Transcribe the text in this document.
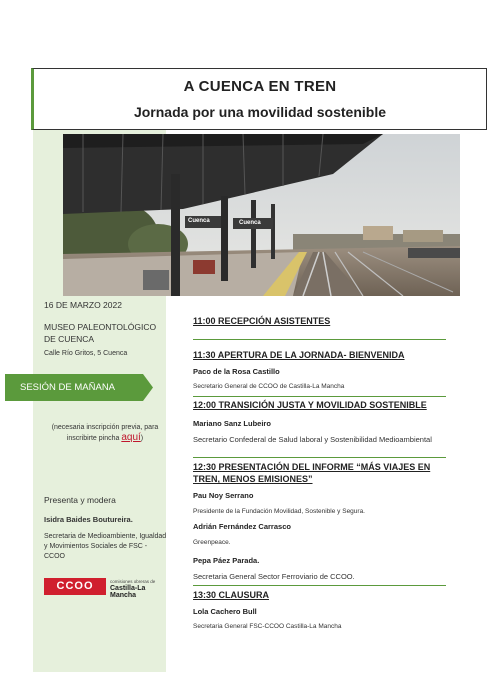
A CUENCA EN TREN
Jornada por una movilidad sostenible
Cuenca	Cuenca
16 DE MARZO 2022
MUSEO PALEONTOLÓGICO DE CUENCA
Calle Río Gritos, 5 Cuenca
SESIÓN DE MAÑANA
(necesaria inscripción previa, para inscribirte pincha aquí)
Presenta y modera
Isidra Baides Boutureira.
Secretaria de Medioambiente, Igualdad y Movimientos Sociales de FSC - CCOO
CCOO	comisiones obreras de
Castilla-La Mancha
11:00 RECEPCIÓN ASISTENTES
11:30 APERTURA DE LA JORNADA- BIENVENIDA
Paco de la Rosa Castillo
Secretario General de CCOO de Castilla-La Mancha
12:00 TRANSICIÓN JUSTA Y MOVILIDAD SOSTENIBLE
Mariano Sanz Lubeiro
Secretario Confederal de Salud laboral y Sostenibilidad Medioambiental
12:30 PRESENTACIÓN DEL INFORME “MÁS VIAJES EN
TREN, MENOS EMISIONES”
Pau Noy Serrano
Presidente de la Fundación Movilidad, Sostenible y Segura.
Adrián Fernández Carrasco
Greenpeace.
Pepa Páez Parada.
Secretaria General Sector Ferroviario de CCOO.
13:30 CLAUSURA
Lola Cachero Bull
Secretaria General FSC-CCOO Castilla-La Mancha
